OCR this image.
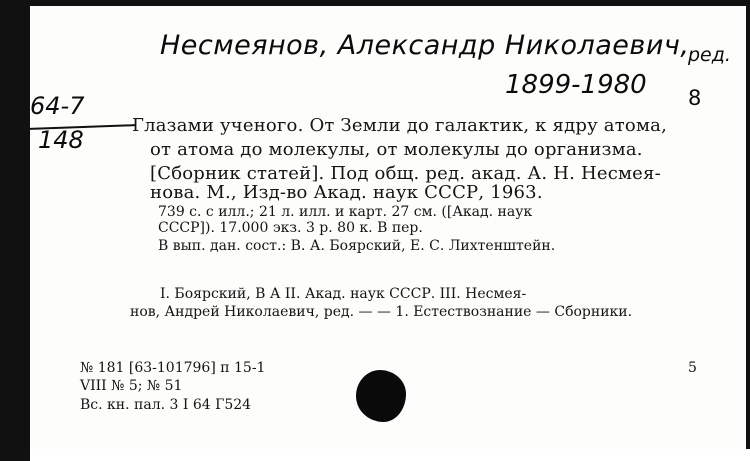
Несмеянов, Александр Николаевич,
ред.
1899-1980
64-7
148
8
Глазами ученого. От Земли до галактик, к ядру атома,
от атома до молекулы, от молекулы до организма.
[Сборник статей]. Под общ. ред. акад. А. Н. Несмея-
нова. М., Изд-во Акад. наук СССР, 1963.
739 с. с илл.; 21 л. илл. и карт. 27 см. ([Акад. наук
СССР]). 17.000 экз. 3 р. 80 к. В пер.
В вып. дан. сост.: В. А. Боярский, Е. С. Лихтенштейн.
I. Боярский, В А II. Акад. наук СССР. III. Несмея-
нов, Андрей Николаевич, ред. — — 1. Естествознание — Сборники.
№ 181 [63-101796] п 15-1
VIII № 5; № 51
Вс. кн. пал. 3 I 64 Г524
5
